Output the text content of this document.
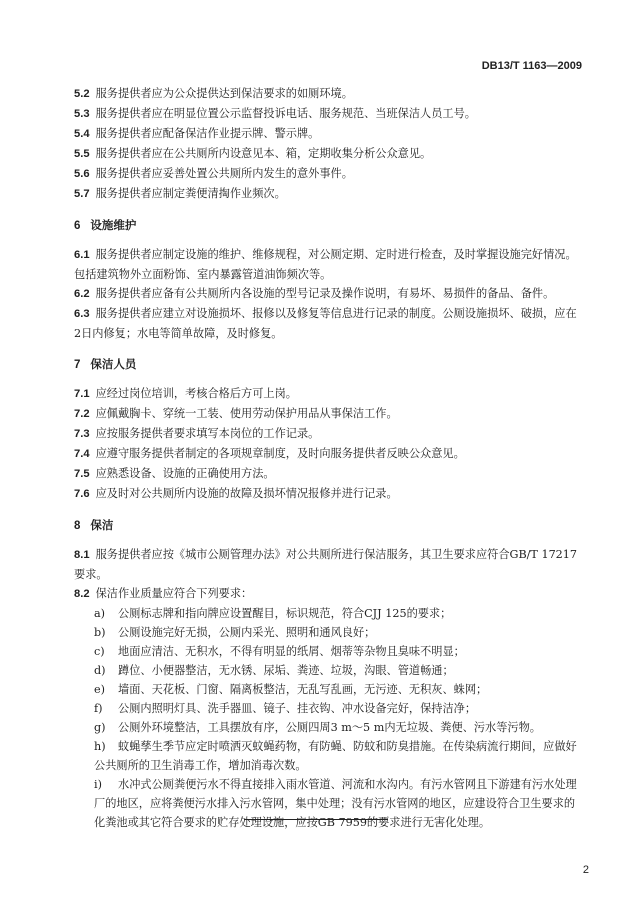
DB13/T 1163—2009

5.2 服务提供者应为公众提供达到保洁要求的如厕环境。

5.3 服务提供者应在明显位置公示监督投诉电话、服务规范、当班保洁人员工号。

5.4 服务提供者应配备保洁作业提示牌、警示牌。

5.5 服务提供者应在公共厕所内设意见本、箱，定期收集分析公众意见。

5.6 服务提供者应妥善处置公共厕所内发生的意外事件。

5.7 服务提供者应制定粪便清掏作业频次。

6 设施维护

6.1 服务提供者应制定设施的维护、维修规程，对公厕定期、定时进行检查，及时掌握设施完好情况。包括建筑物外立面粉饰、室内暴露管道油饰频次等。

6.2 服务提供者应备有公共厕所内各设施的型号记录及操作说明，有易坏、易损件的备品、备件。

6.3 服务提供者应建立对设施损坏、报修以及修复等信息进行记录的制度。公厕设施损坏、破损，应在2日内修复；水电等简单故障，及时修复。

7 保洁人员

7.1 应经过岗位培训，考核合格后方可上岗。

7.2 应佩戴胸卡、穿统一工装、使用劳动保护用品从事保洁工作。

7.3 应按服务提供者要求填写本岗位的工作记录。

7.4 应遵守服务提供者制定的各项规章制度，及时向服务提供者反映公众意见。

7.5 应熟悉设备、设施的正确使用方法。

7.6 应及时对公共厕所内设施的故障及损坏情况报修并进行记录。

8 保洁

8.1 服务提供者应按《城市公厕管理办法》对公共厕所进行保洁服务，其卫生要求应符合GB/T 17217要求。

8.2 保洁作业质量应符合下列要求：

a) 公厕标志牌和指向牌应设置醒目，标识规范，符合CJJ 125的要求；

b) 公厕设施完好无损，公厕内采光、照明和通风良好；

c) 地面应清洁、无积水，不得有明显的纸屑、烟蒂等杂物且臭味不明显；

d) 蹲位、小便器整洁，无水锈、尿垢、粪迹、垃圾，沟眼、管道畅通；

e) 墙面、天花板、门窗、隔离板整洁，无乱写乱画，无污迹、无积灰、蛛网；

f) 公厕内照明灯具、洗手器皿、镜子、挂衣钩、冲水设备完好，保持洁净；

g) 公厕外环境整洁，工具摆放有序，公厕四周3 m～5 m内无垃圾、粪便、污水等污物。

h) 蚊蝇孳生季节应定时喷洒灭蚊蝇药物，有防蝇、防蚊和防臭措施。在传染病流行期间，应做好公共厕所的卫生消毒工作，增加消毒次数。

i) 水冲式公厕粪便污水不得直接排入雨水管道、河流和水沟内。有污水管网且下游建有污水处理厂的地区，应将粪便污水排入污水管网，集中处理；没有污水管网的地区，应建设符合卫生要求的化粪池或其它符合要求的贮存处理设施，应按GB 7959的要求进行无害化处理。

2
